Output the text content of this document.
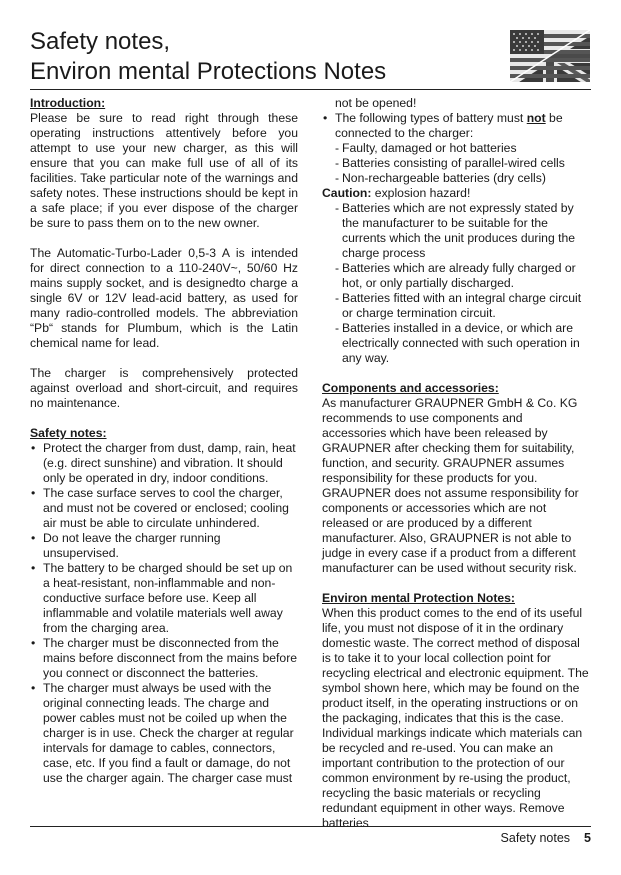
Safety notes,
Environ mental Protections Notes

Introduction:

Please be sure to read right through these operating instructions attentively before you attempt to use your new charger, as this will ensure that you can make full use of all of its facilities. Take particular note of the warnings and safety notes. These instructions should be kept in a safe place; if you ever dispose of the charger be sure to pass them on to the new owner.

The Automatic-Turbo-Lader 0,5-3 A is intended for direct connection to a 110-240V~, 50/60 Hz mains supply socket, and is designedto charge a single 6V or 12V lead-acid battery, as used for many radio-controlled models. The abbreviation “Pb“ stands for Plumbum, which is the Latin chemical name for lead.

The charger is comprehensively protected against overload and short-circuit, and requires no maintenance.

Safety notes:

• Protect the charger from dust, damp, rain, heat (e.g. direct sunshine) and vibration. It should only be operated in dry, indoor conditions.
• The case surface serves to cool the charger, and must not be covered or enclosed; cooling air must be able to circulate unhindered.
• Do not leave the charger running unsupervised.
• The battery to be charged should be set up on a heat-resistant, non-inflammable and non-conductive surface before use. Keep all inflammable and volatile materials well away from the charging area.
• The charger must be disconnected from the mains before disconnect from the mains before you connect or disconnect the batteries.
• The charger must always be used with the original connecting leads. The charge and power cables must not be coiled up when the charger is in use. Check the charger at regular intervals for damage to cables, connectors, case, etc. If you find a fault or damage, do not use the charger again. The charger case must

not be opened!

• The following types of battery must not be connected to the charger:
- Faulty, damaged or hot batteries
- Batteries consisting of parallel-wired cells
- Non-rechargeable batteries (dry cells)

Caution: explosion hazard!

- Batteries which are not expressly stated by the manufacturer to be suitable for the currents which the unit produces during the charge process
- Batteries which are already fully charged or hot, or only partially discharged.
- Batteries fitted with an integral charge circuit or charge termination circuit.
- Batteries installed in a device, or which are electrically connected with such operation in any way.

Components and accessories:

As manufacturer GRAUPNER GmbH & Co. KG recommends to use components and accessories which have been released by GRAUPNER after checking them for suitability, function, and security. GRAUPNER assumes responsibility for these products for you. GRAUPNER does not assume responsibility for components or accessories which are not released or are produced by a different manufacturer. Also, GRAUPNER is not able to judge in every case if a product from a different manufacturer can be used without security risk.

Environ mental Protection Notes:

When this product comes to the end of its useful life, you must not dispose of it in the ordinary domestic waste. The correct method of disposal is to take it to your local collection point for recycling electrical and electronic equipment. The symbol shown here, which may be found on the product itself, in the operating instructions or on the packaging, indicates that this is the case. Individual markings indicate which materials can be recycled and re-used. You can make an important contribution to the protection of our common environment by re-using the product, recycling the basic materials or recycling redundant equipment in other ways. Remove batteries

Safety notes 5
